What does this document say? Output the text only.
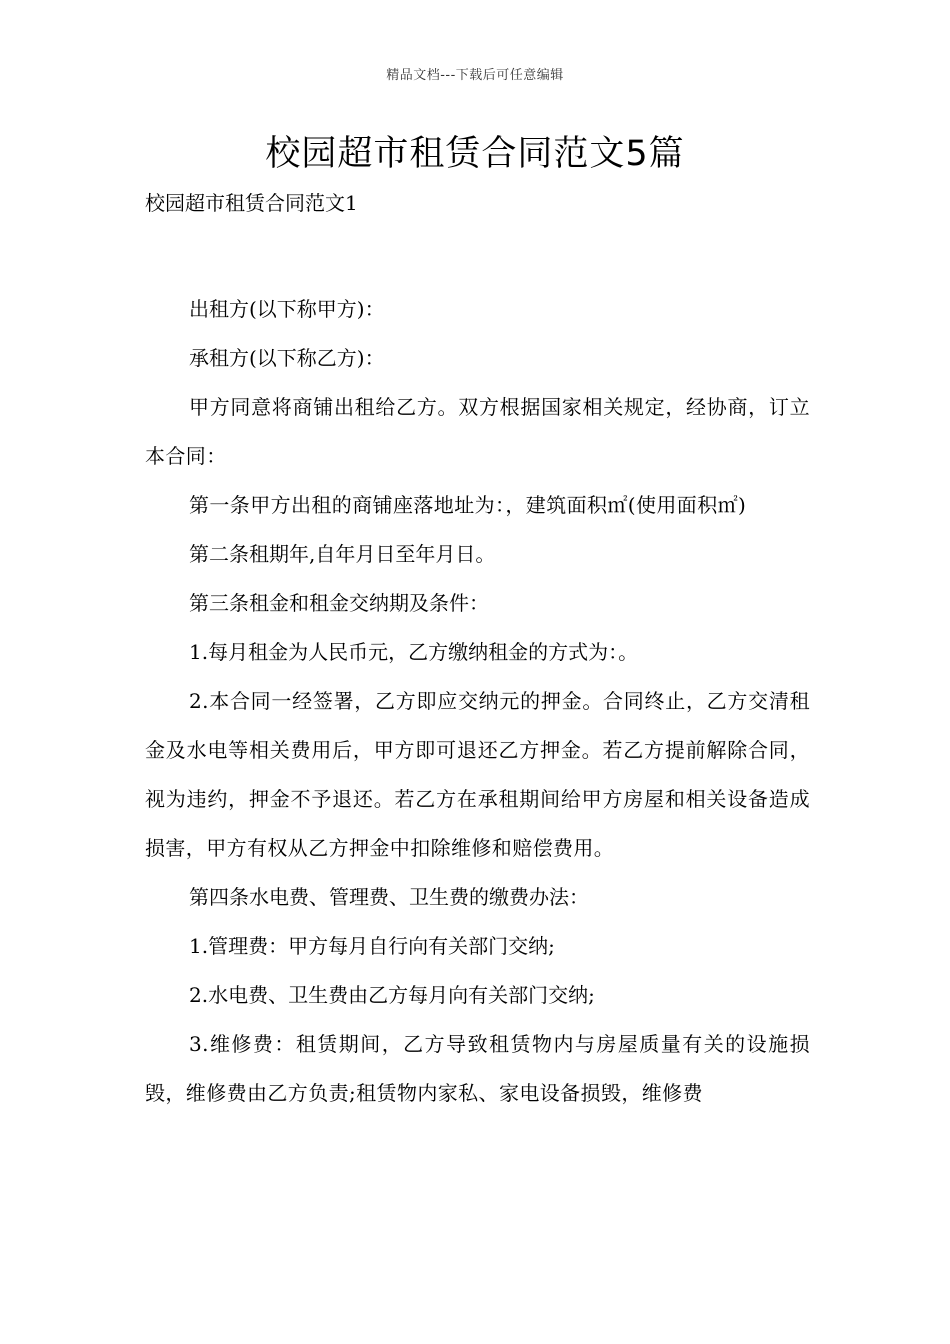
精品文档---下载后可任意编辑
校园超市租赁合同范文5篇

校园超市租赁合同范文1

出租方(以下称甲方)：

承租方(以下称乙方)：

甲方同意将商铺出租给乙方。双方根据国家相关规定，经协商，订立本合同：

第一条甲方出租的商铺座落地址为：，建筑面积㎡(使用面积㎡)

第二条租期年,自年月日至年月日。

第三条租金和租金交纳期及条件：

1.每月租金为人民币元，乙方缴纳租金的方式为：。

2.本合同一经签署，乙方即应交纳元的押金。合同终止，乙方交清租金及水电等相关费用后，甲方即可退还乙方押金。若乙方提前解除合同，视为违约，押金不予退还。若乙方在承租期间给甲方房屋和相关设备造成损害，甲方有权从乙方押金中扣除维修和赔偿费用。

第四条水电费、管理费、卫生费的缴费办法：

1.管理费：甲方每月自行向有关部门交纳;

2.水电费、卫生费由乙方每月向有关部门交纳;

3.维修费：租赁期间，乙方导致租赁物内与房屋质量有关的设施损毁，维修费由乙方负责;租赁物内家私、家电设备损毁，维修费
